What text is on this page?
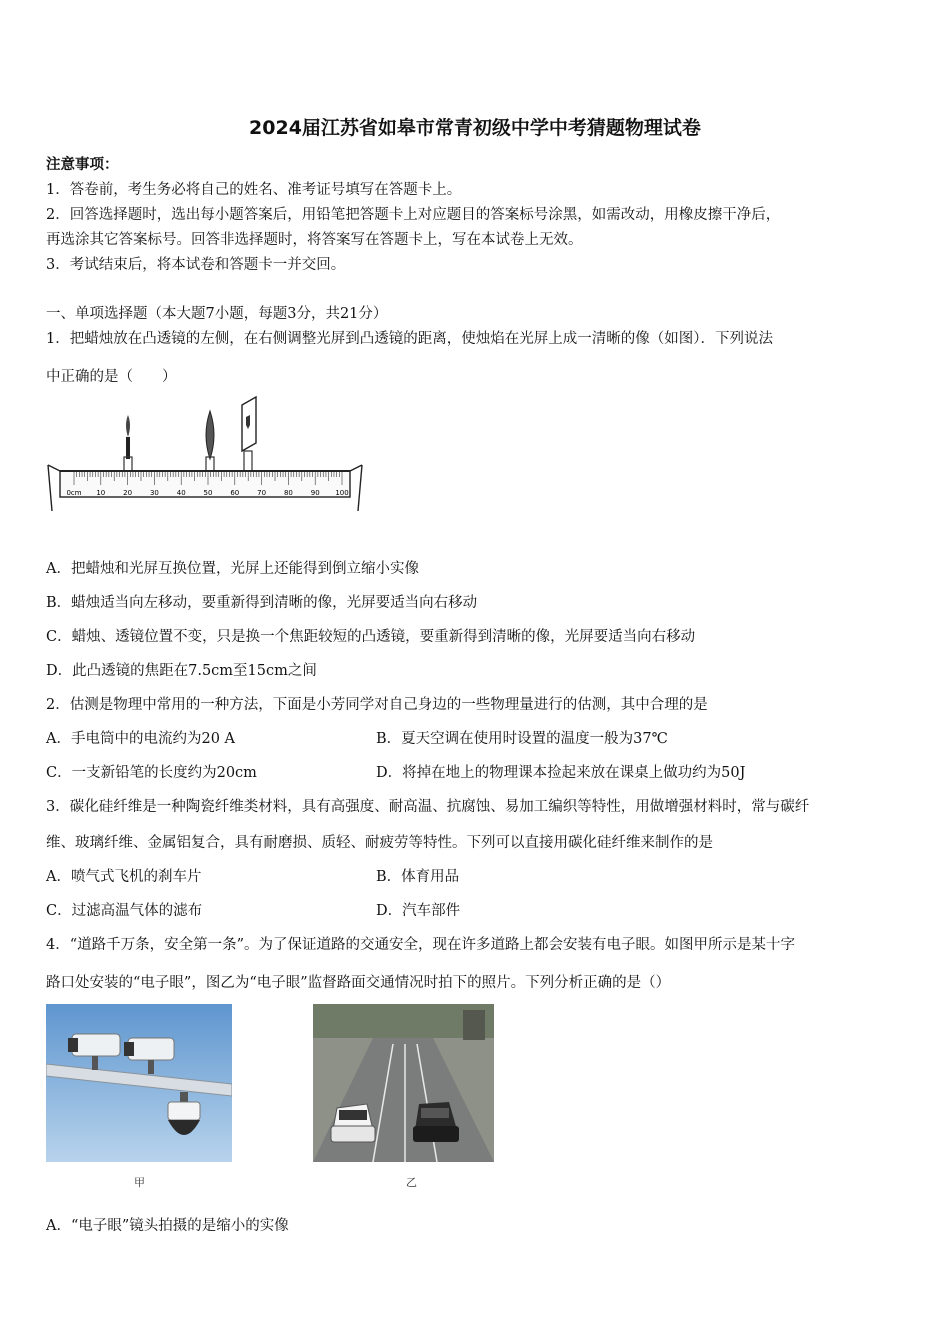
2024届江苏省如皋市常青初级中学中考猜题物理试卷
注意事项：
1．答卷前，考生务必将自己的姓名、准考证号填写在答题卡上。
2．回答选择题时，选出每小题答案后，用铅笔把答题卡上对应题目的答案标号涂黑，如需改动，用橡皮擦干净后，
再选涂其它答案标号。回答非选择题时，将答案写在答题卡上，写在本试卷上无效。
3．考试结束后，将本试卷和答题卡一并交回。
一、单项选择题（本大题7小题，每题3分，共21分）
1．把蜡烛放在凸透镜的左侧，在右侧调整光屏到凸透镜的距离，使烛焰在光屏上成一清晰的像（如图）．下列说法
中正确的是（　　）
0cm 10	20	30	40	50	60	70	80	90 100
A．把蜡烛和光屏互换位置，光屏上还能得到倒立缩小实像
B．蜡烛适当向左移动，要重新得到清晰的像，光屏要适当向右移动
C．蜡烛、透镜位置不变，只是换一个焦距较短的凸透镜，要重新得到清晰的像，光屏要适当向右移动
D．此凸透镜的焦距在7.5cm至15cm之间
2．估测是物理中常用的一种方法，下面是小芳同学对自己身边的一些物理量进行的估测，其中合理的是
A．手电筒中的电流约为20 A	B．夏天空调在使用时设置的温度一般为37℃
C．一支新铅笔的长度约为20cm	D．将掉在地上的物理课本捡起来放在课桌上做功约为50J
3．碳化硅纤维是一种陶瓷纤维类材料，具有高强度、耐高温、抗腐蚀、易加工编织等特性，用做增强材料时，常与碳纤
维、玻璃纤维、金属铝复合，具有耐磨损、质轻、耐疲劳等特性。下列可以直接用碳化硅纤维来制作的是
A．喷气式飞机的刹车片	B．体育用品
C．过滤高温气体的滤布	D．汽车部件
4．“道路千万条，安全第一条”。为了保证道路的交通安全，现在许多道路上都会安装有电子眼。如图甲所示是某十字
路口处安装的“电子眼”，图乙为“电子眼”监督路面交通情况时拍下的照片。下列分析正确的是（）
甲	乙
A．“电子眼”镜头拍摄的是缩小的实像
